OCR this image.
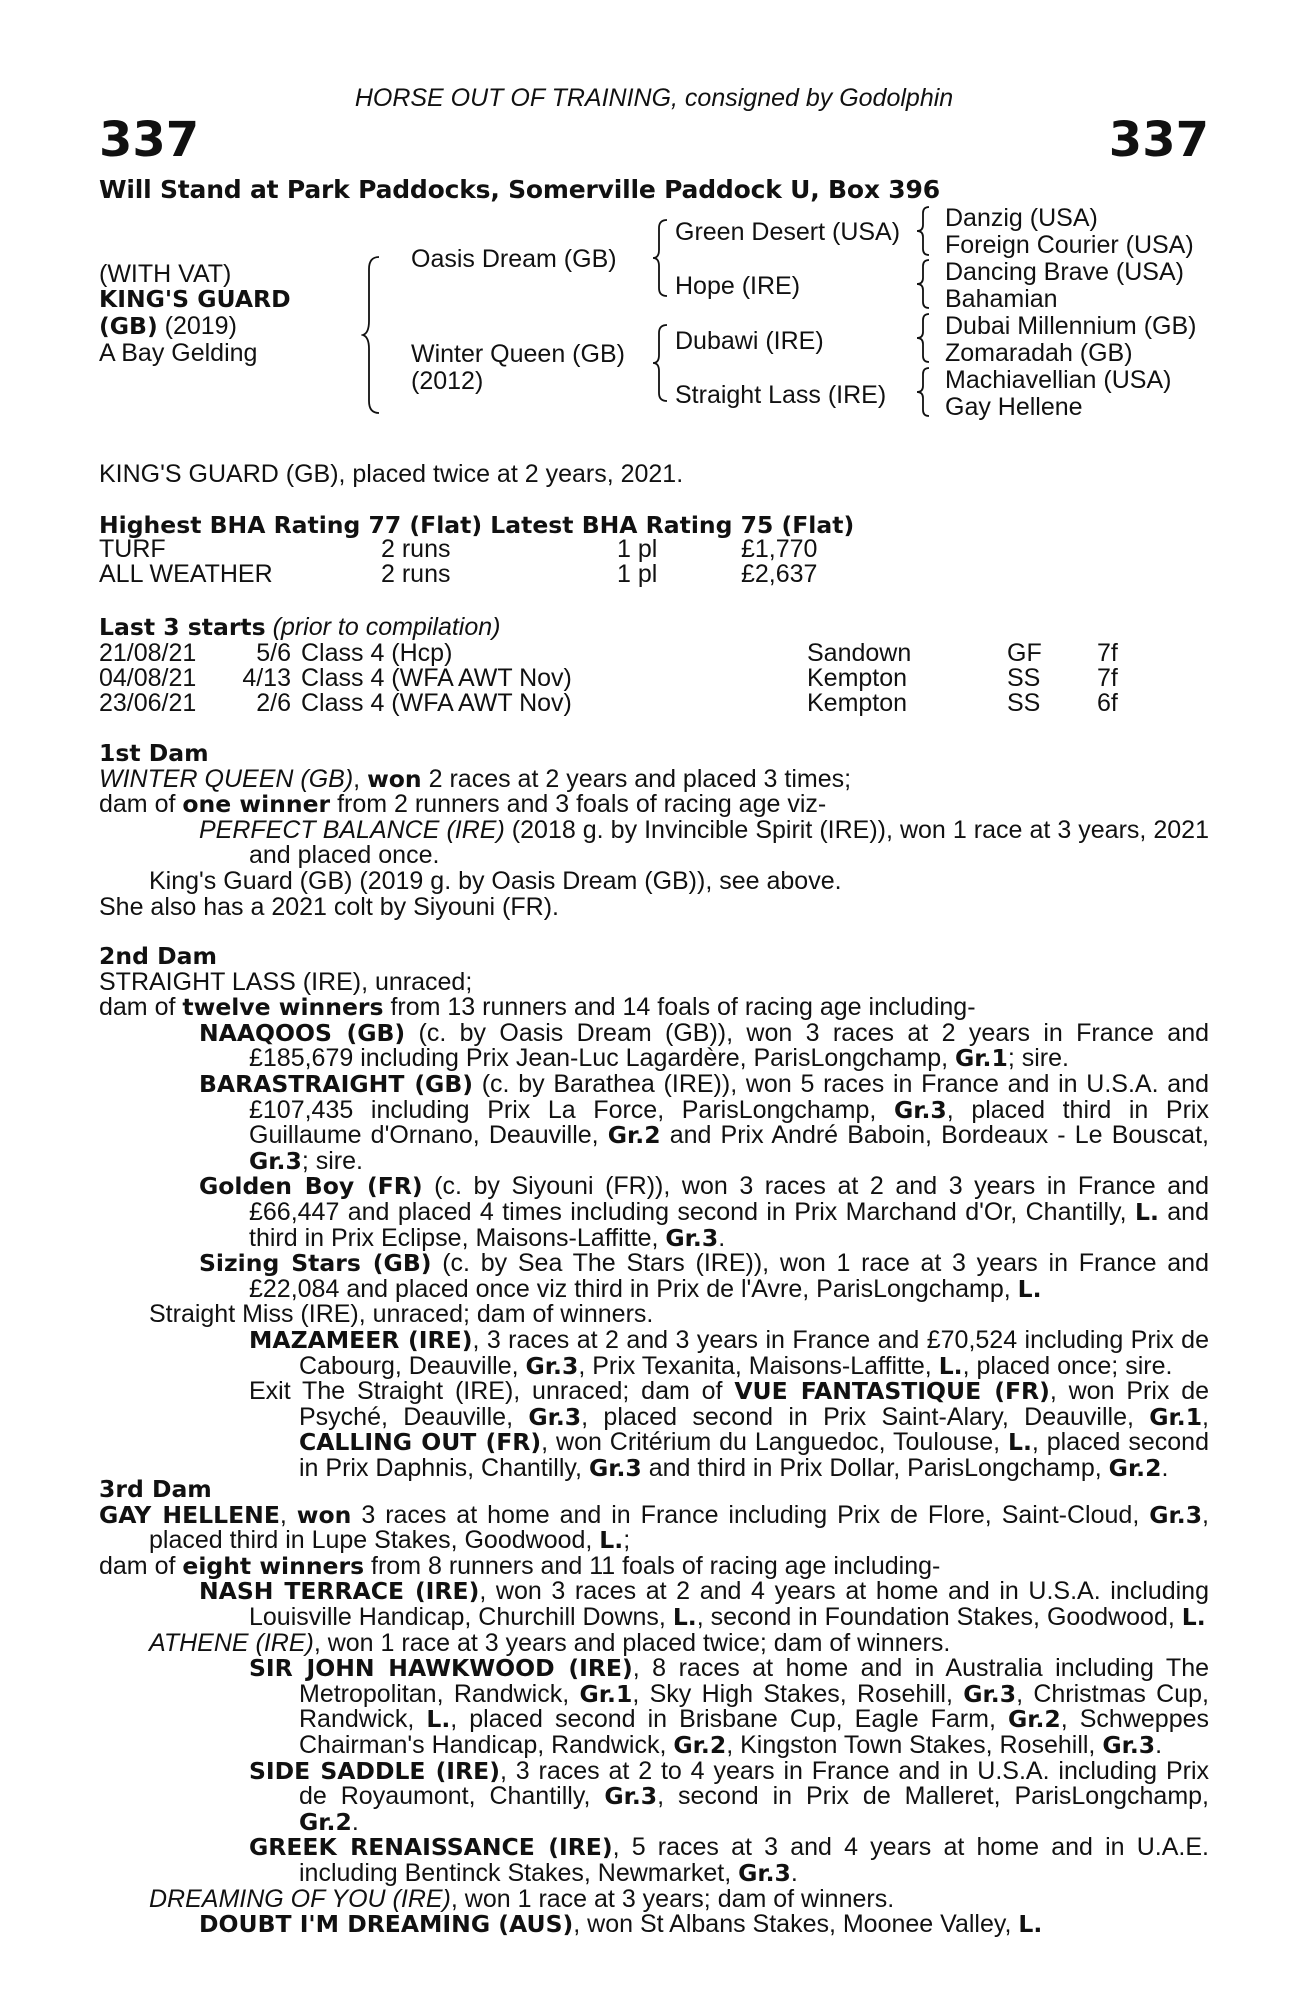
HORSE OUT OF TRAINING, consigned by Godolphin
337	337
Will Stand at Park Paddocks, Somerville Paddock U, Box 396
(WITH VAT)
KING'S GUARD
(GB) (2019)
A Bay Gelding
Oasis Dream (GB)
Winter Queen (GB)
(2012)
Green Desert (USA)
Hope (IRE)
Dubawi (IRE)
Straight Lass (IRE)
Danzig (USA)
Foreign Courier (USA)
Dancing Brave (USA)
Bahamian
Dubai Millennium (GB)
Zomaradah (GB)
Machiavellian (USA)
Gay Hellene
KING'S GUARD (GB), placed twice at 2 years, 2021.
Highest BHA Rating 77 (Flat) Latest BHA Rating 75 (Flat)
TURF	2 runs	1 pl	£1,770
ALL WEATHER	2 runs	1 pl	£2,637
Last 3 starts (prior to compilation)
21/08/21	5/6 Class 4 (Hcp)	Sandown	GF 7f
04/08/21	4/13 Class 4 (WFA AWT Nov)	Kempton	SS 7f
23/06/21	2/6 Class 4 (WFA AWT Nov)	Kempton	SS 6f
1st Dam
WINTER QUEEN (GB), won 2 races at 2 years and placed 3 times;
dam of one winner from 2 runners and 3 foals of racing age viz-
PERFECT BALANCE (IRE) (2018 g. by Invincible Spirit (IRE)), won 1 race at 3 years, 2021 and placed once.
King's Guard (GB) (2019 g. by Oasis Dream (GB)), see above.
She also has a 2021 colt by Siyouni (FR).
2nd Dam
STRAIGHT LASS (IRE), unraced;
dam of twelve winners from 13 runners and 14 foals of racing age including-
NAAQOOS (GB) (c. by Oasis Dream (GB)), won 3 races at 2 years in France and £185,679 including Prix Jean-Luc Lagardère, ParisLongchamp, Gr.1; sire.
BARASTRAIGHT (GB) (c. by Barathea (IRE)), won 5 races in France and in U.S.A. and £107,435 including Prix La Force, ParisLongchamp, Gr.3, placed third in Prix Guillaume d'Ornano, Deauville, Gr.2 and Prix André Baboin, Bordeaux - Le Bouscat, Gr.3; sire.
Golden Boy (FR) (c. by Siyouni (FR)), won 3 races at 2 and 3 years in France and £66,447 and placed 4 times including second in Prix Marchand d'Or, Chantilly, L. and third in Prix Eclipse, Maisons-Laffitte, Gr.3.
Sizing Stars (GB) (c. by Sea The Stars (IRE)), won 1 race at 3 years in France and £22,084 and placed once viz third in Prix de l'Avre, ParisLongchamp, L.
Straight Miss (IRE), unraced; dam of winners.
MAZAMEER (IRE), 3 races at 2 and 3 years in France and £70,524 including Prix de Cabourg, Deauville, Gr.3, Prix Texanita, Maisons-Laffitte, L., placed once; sire.
Exit The Straight (IRE), unraced; dam of VUE FANTASTIQUE (FR), won Prix de Psyché, Deauville, Gr.3, placed second in Prix Saint-Alary, Deauville, Gr.1, CALLING OUT (FR), won Critérium du Languedoc, Toulouse, L., placed second in Prix Daphnis, Chantilly, Gr.3 and third in Prix Dollar, ParisLongchamp, Gr.2.
3rd Dam
GAY HELLENE, won 3 races at home and in France including Prix de Flore, Saint-Cloud, Gr.3, placed third in Lupe Stakes, Goodwood, L.;
dam of eight winners from 8 runners and 11 foals of racing age including-
NASH TERRACE (IRE), won 3 races at 2 and 4 years at home and in U.S.A. including Louisville Handicap, Churchill Downs, L., second in Foundation Stakes, Goodwood, L.
ATHENE (IRE), won 1 race at 3 years and placed twice; dam of winners.
SIR JOHN HAWKWOOD (IRE), 8 races at home and in Australia including The Metropolitan, Randwick, Gr.1, Sky High Stakes, Rosehill, Gr.3, Christmas Cup, Randwick, L., placed second in Brisbane Cup, Eagle Farm, Gr.2, Schweppes Chairman's Handicap, Randwick, Gr.2, Kingston Town Stakes, Rosehill, Gr.3.
SIDE SADDLE (IRE), 3 races at 2 to 4 years in France and in U.S.A. including Prix de Royaumont, Chantilly, Gr.3, second in Prix de Malleret, ParisLongchamp, Gr.2.
GREEK RENAISSANCE (IRE), 5 races at 3 and 4 years at home and in U.A.E. including Bentinck Stakes, Newmarket, Gr.3.
DREAMING OF YOU (IRE), won 1 race at 3 years; dam of winners.
DOUBT I'M DREAMING (AUS), won St Albans Stakes, Moonee Valley, L.
